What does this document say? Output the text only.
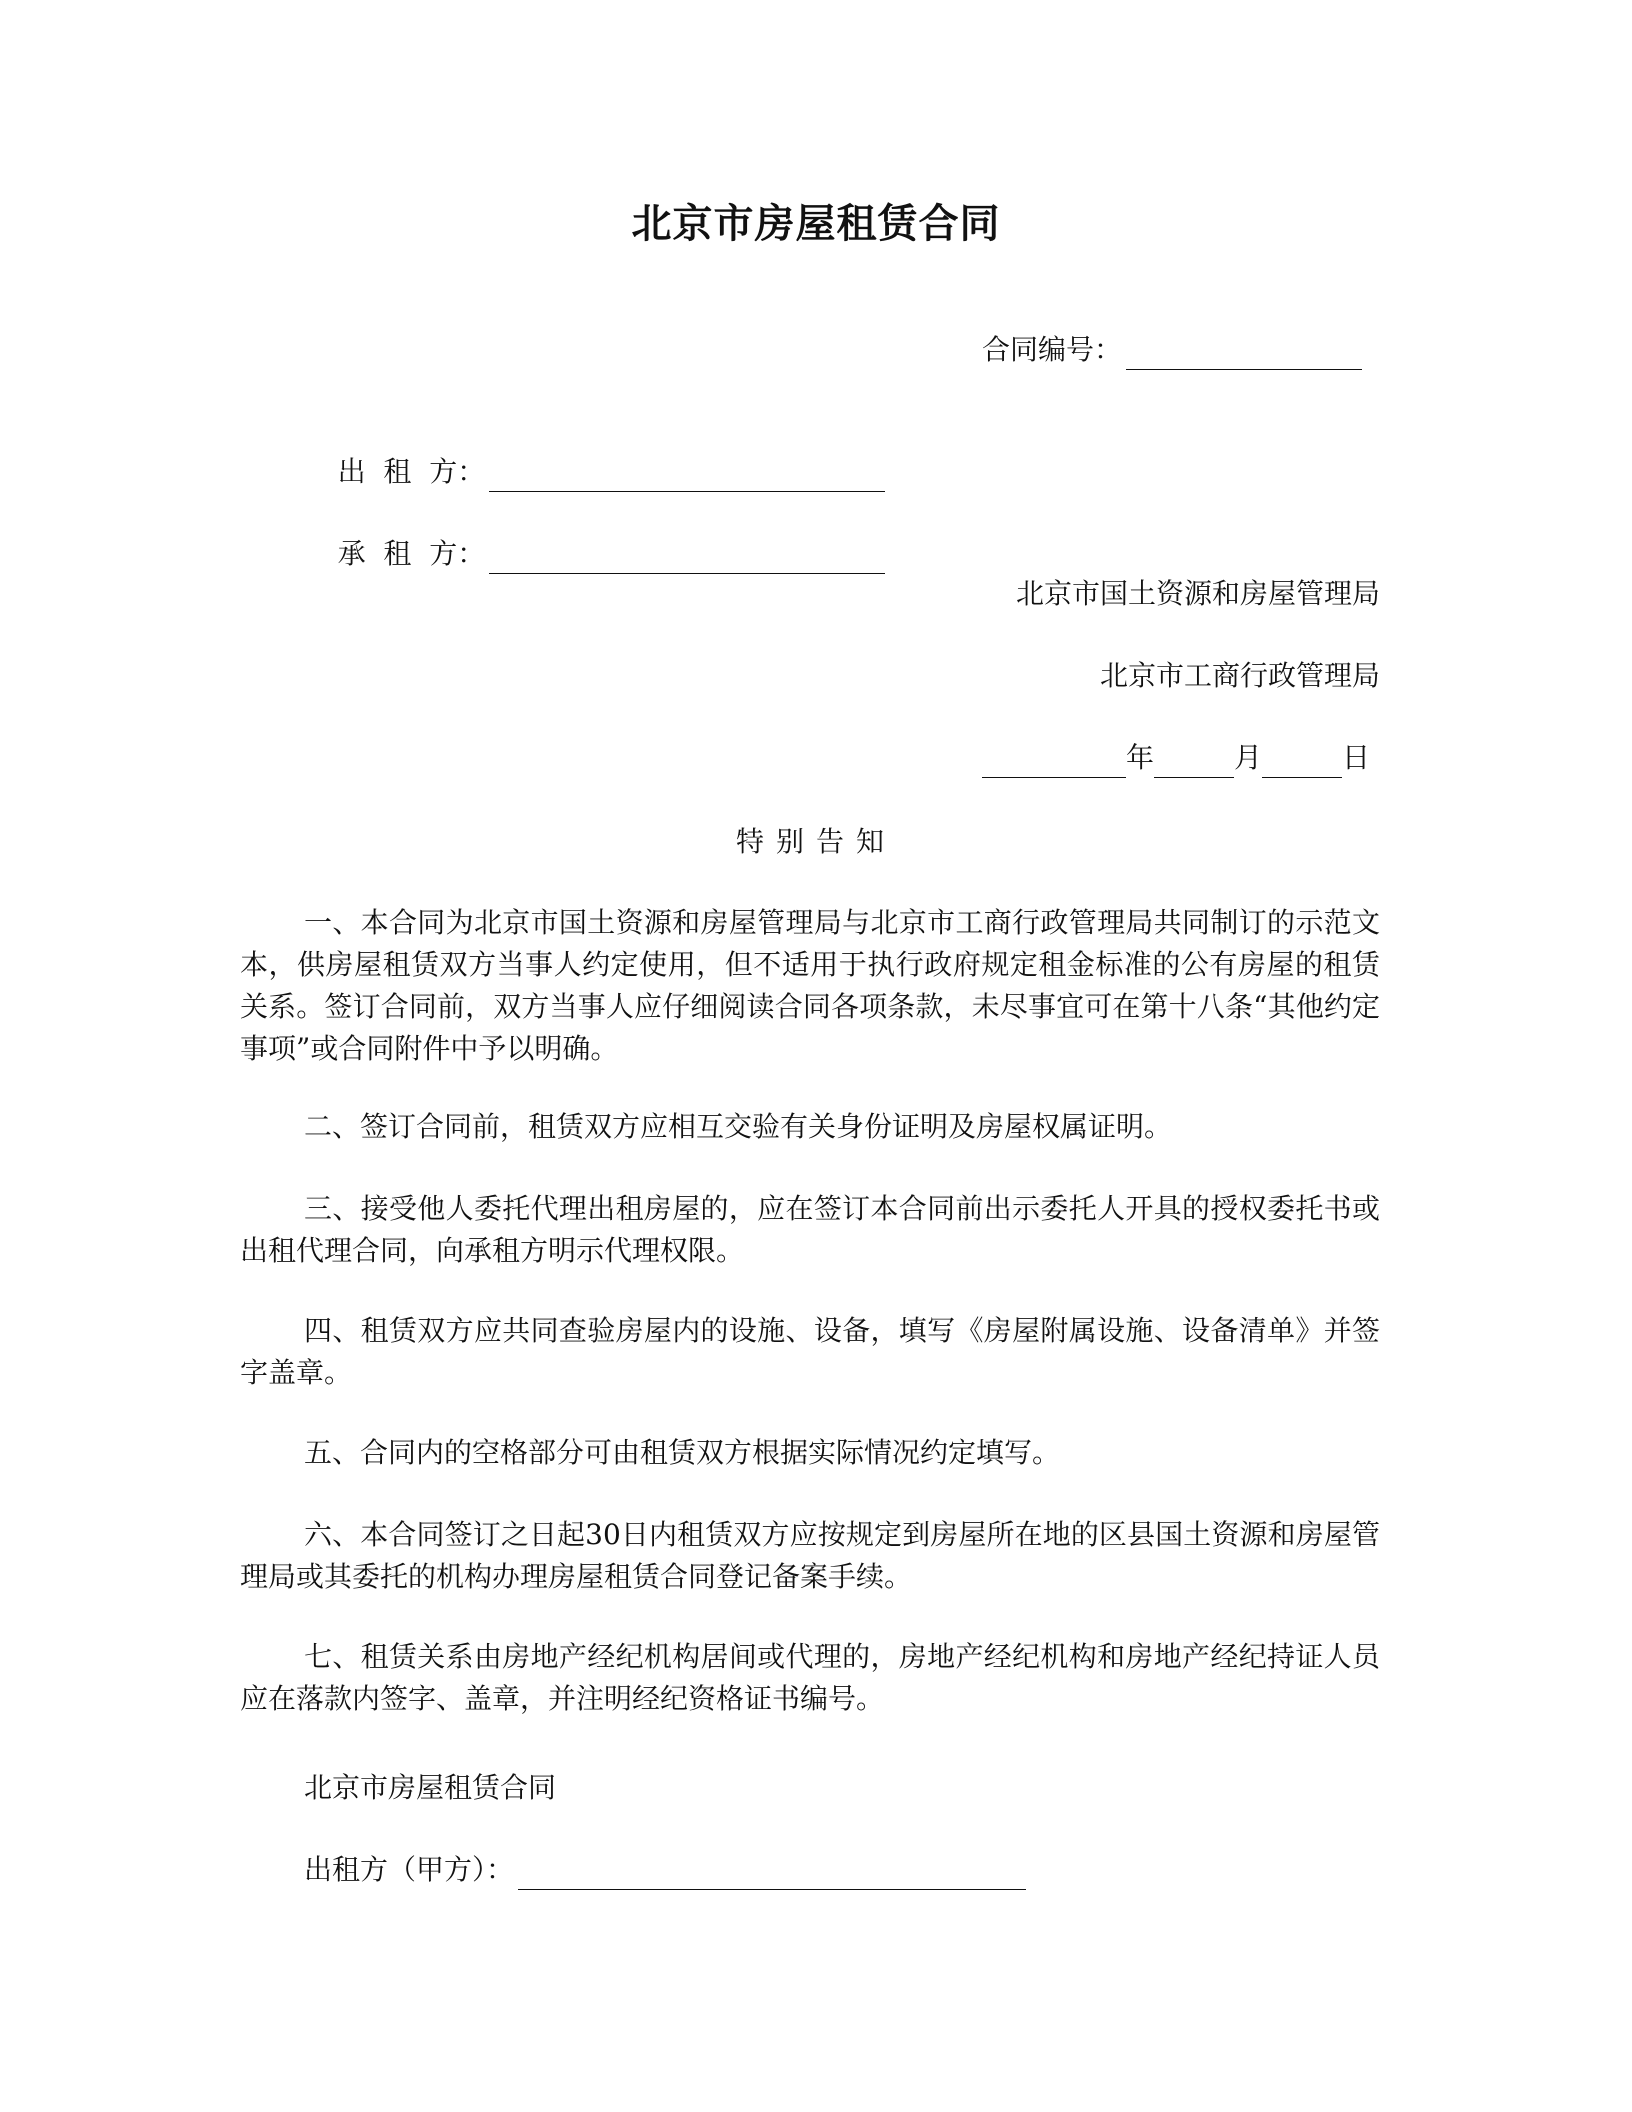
北京市房屋租赁合同
合同编号：

出  租  方：

承  租  方：

北京市国土资源和房屋管理局
北京市工商行政管理局
年	月	日
特别告知

一、本合同为北京市国土资源和房屋管理局与北京市工商行政管理局共同制订的示范文本，供房屋租赁双方当事人约定使用，但不适用于执行政府规定租金标准的公有房屋的租赁关系。签订合同前，双方当事人应仔细阅读合同各项条款，未尽事宜可在第十八条“其他约定事项”或合同附件中予以明确。

二、签订合同前，租赁双方应相互交验有关身份证明及房屋权属证明。

三、接受他人委托代理出租房屋的，应在签订本合同前出示委托人开具的授权委托书或出租代理合同，向承租方明示代理权限。

四、租赁双方应共同查验房屋内的设施、设备，填写《房屋附属设施、设备清单》并签字盖章。

五、合同内的空格部分可由租赁双方根据实际情况约定填写。

六、本合同签订之日起30日内租赁双方应按规定到房屋所在地的区县国土资源和房屋管理局或其委托的机构办理房屋租赁合同登记备案手续。

七、租赁关系由房地产经纪机构居间或代理的，房地产经纪机构和房地产经纪持证人员应在落款内签字、盖章，并注明经纪资格证书编号。

北京市房屋租赁合同
出租方（甲方）：
